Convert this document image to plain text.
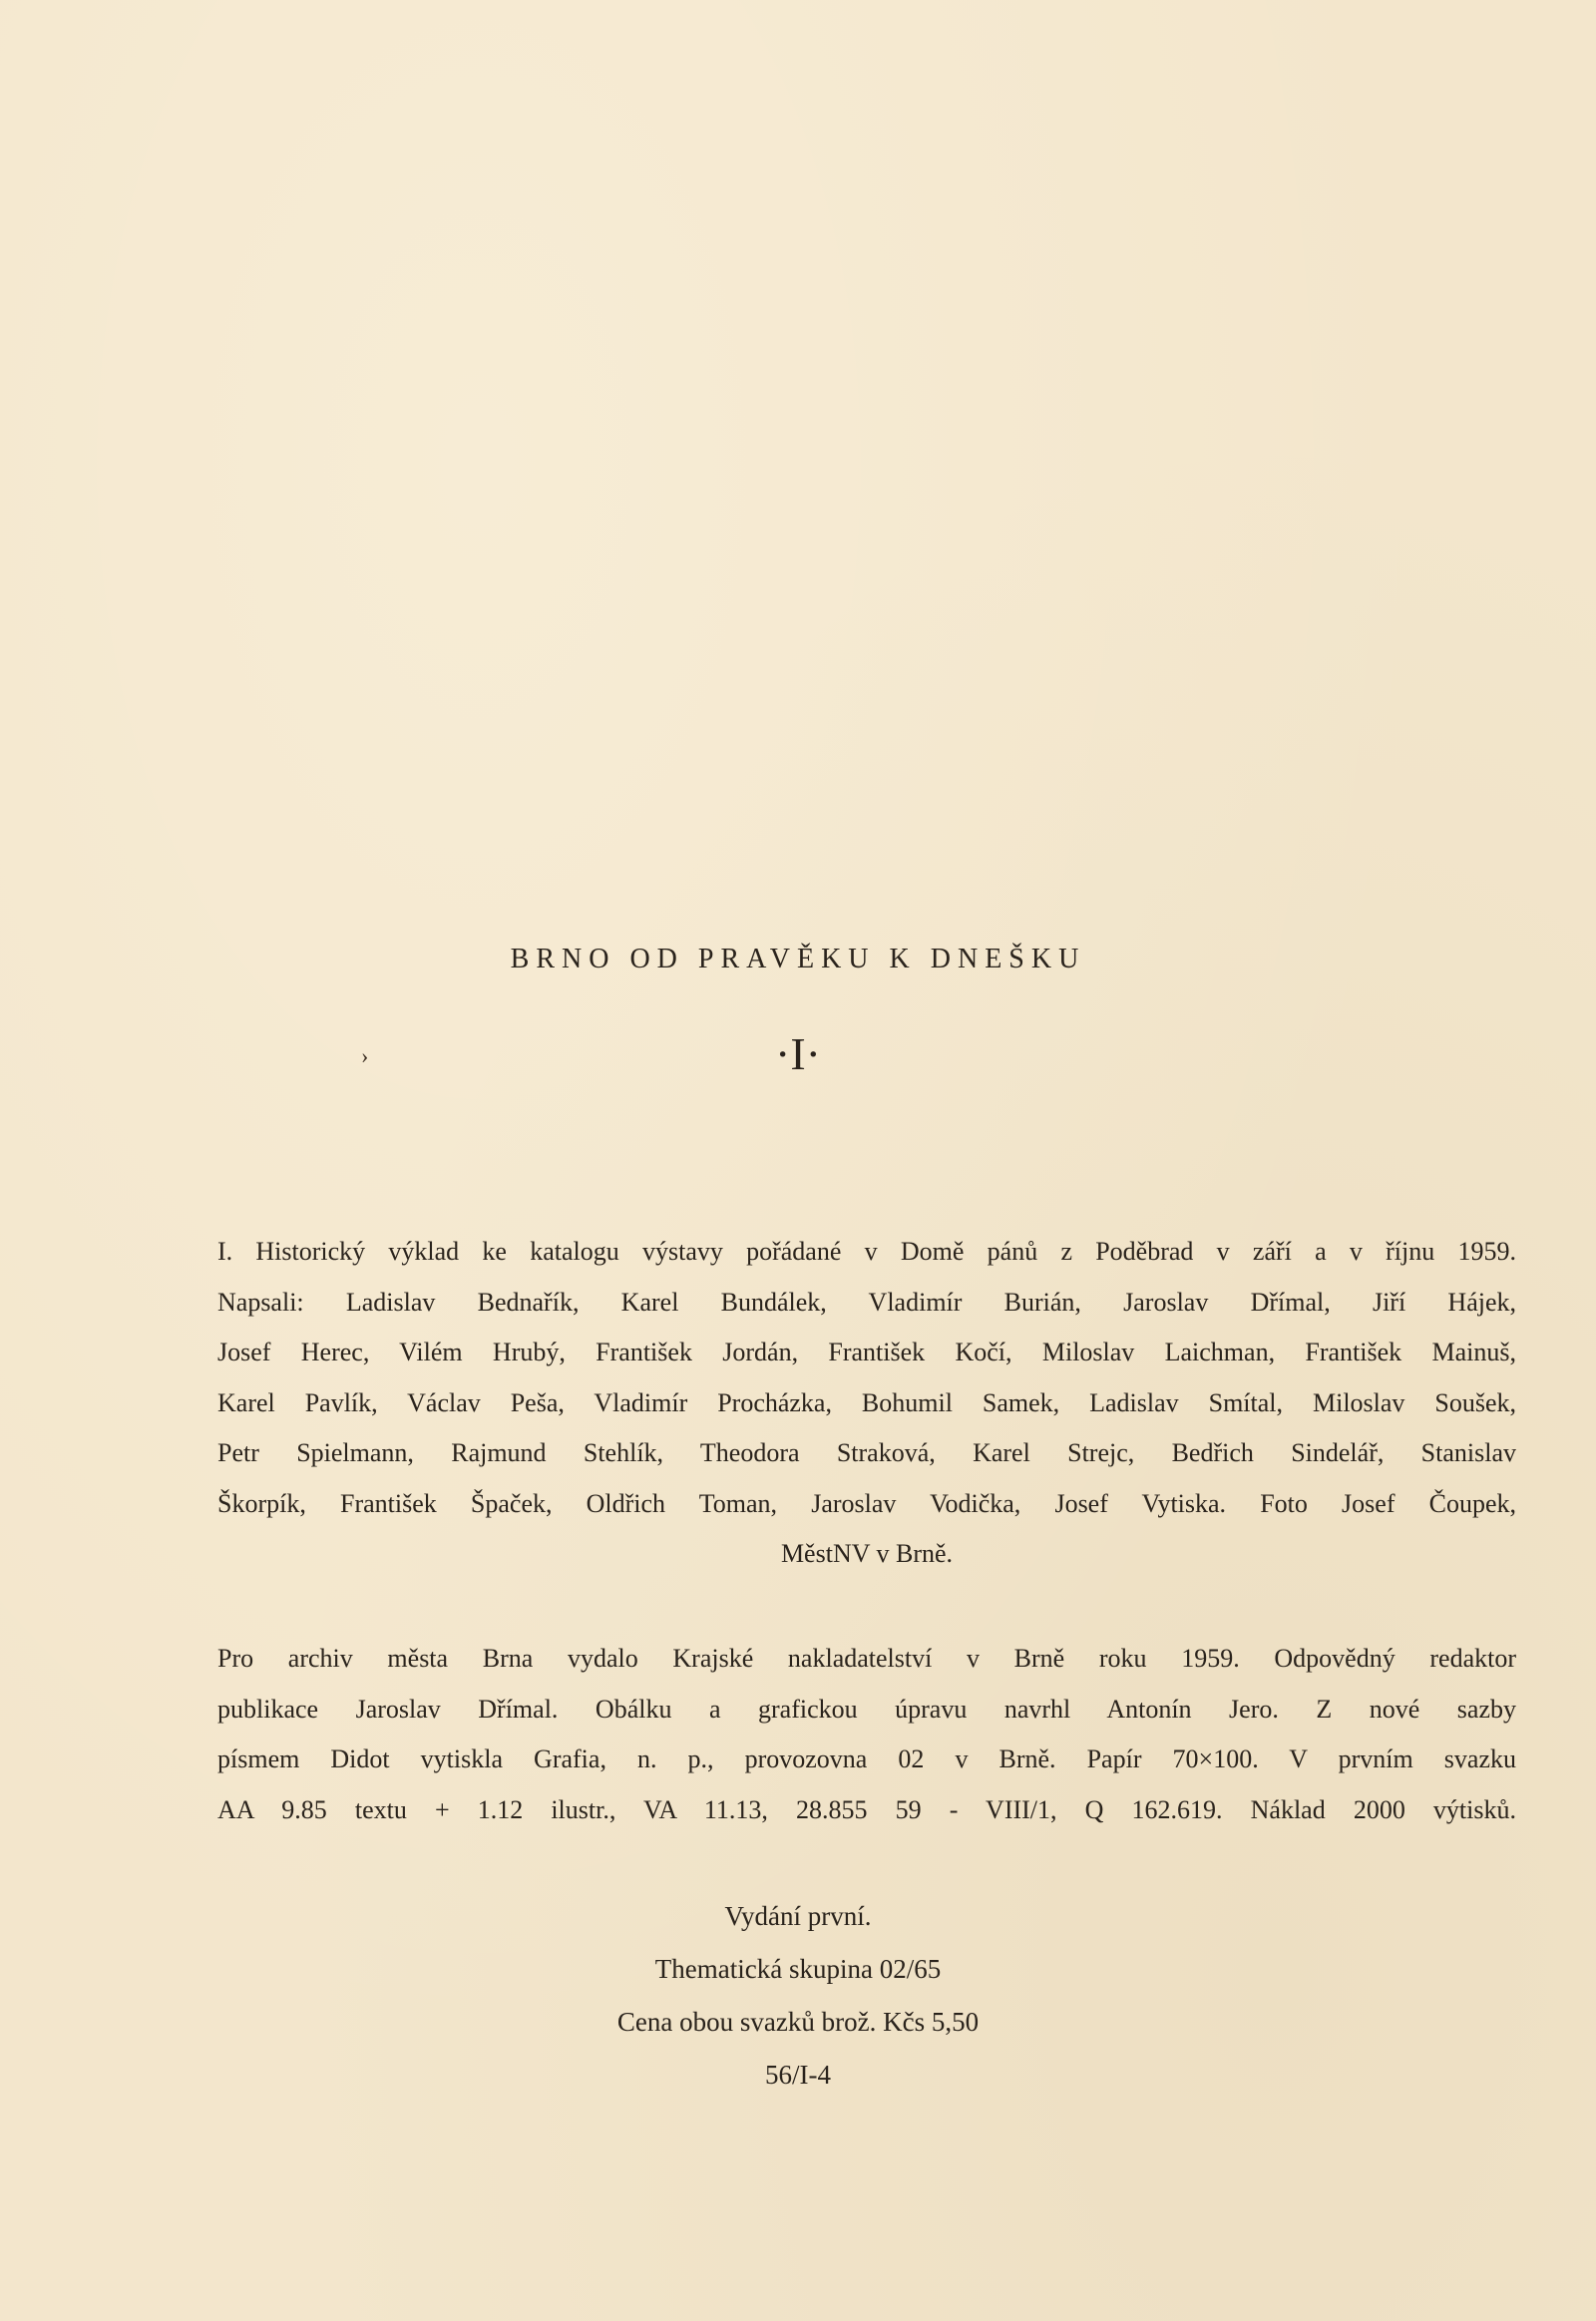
BRNO OD PRAVĚKU K DNEŠKU
›	·I·
I. Historický výklad ke katalogu výstavy pořádané v Domě pánů z Poděbrad v září a v říjnu 1959.
Napsali: Ladislav Bednařík, Karel Bundálek, Vladimír Burián, Jaroslav Dřímal, Jiří Hájek,
Josef Herec, Vilém Hrubý, František Jordán, František Kočí, Miloslav Laichman, František Mainuš,
Karel Pavlík, Václav Peša, Vladimír Procházka, Bohumil Samek, Ladislav Smítal, Miloslav Soušek,
Petr Spielmann, Rajmund Stehlík, Theodora Straková, Karel Strejc, Bedřich Sindelář, Stanislav
Škorpík, František Špaček, Oldřich Toman, Jaroslav Vodička, Josef Vytiska. Foto Josef Čoupek,
MěstNV v Brně.
Pro archiv města Brna vydalo Krajské nakladatelství v Brně roku 1959. Odpovědný redaktor
publikace Jaroslav Dřímal. Obálku a grafickou úpravu navrhl Antonín Jero. Z nové sazby
písmem Didot vytiskla Grafia, n. p., provozovna 02 v Brně. Papír 70×100. V prvním svazku
AA 9.85 textu + 1.12 ilustr., VA 11.13, 28.855 59 - VIII/1, Q 162.619. Náklad 2000 výtisků.
Vydání první.
Thematická skupina 02/65
Cena obou svazků brož. Kčs 5,50
56/I-4
